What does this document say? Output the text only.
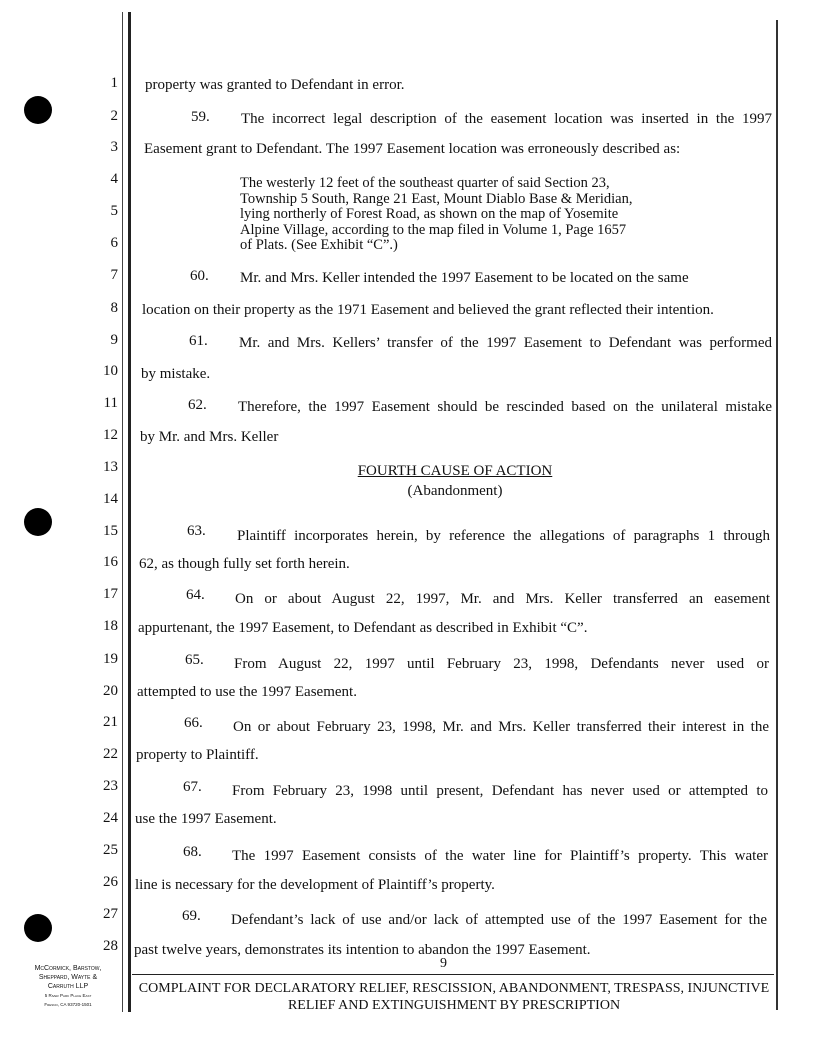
1
2
3
4
5
6
7
8
9
10
11
12
13
14
15
16
17
18
19
20
21
22
23
24
25
26
27
28
property was granted to Defendant in error.
59. The incorrect legal description of the easement location was inserted in the 1997
Easement grant to Defendant. The 1997 Easement location was erroneously described as:
The westerly 12 feet of the southeast quarter of said Section 23,
Township 5 South, Range 21 East, Mount Diablo Base & Meridian,
lying northerly of Forest Road, as shown on the map of Yosemite
Alpine Village, according to the map filed in Volume 1, Page 1657
of Plats. (See Exhibit “C”.)
60. Mr. and Mrs. Keller intended the 1997 Easement to be located on the same
location on their property as the 1971 Easement and believed the grant reflected their intention.
61. Mr. and Mrs. Kellers’ transfer of the 1997 Easement to Defendant was performed
by mistake.
62. Therefore, the 1997 Easement should be rescinded based on the unilateral mistake
by Mr. and Mrs. Keller
FOURTH CAUSE OF ACTION
(Abandonment)
63. Plaintiff incorporates herein, by reference the allegations of paragraphs 1 through
62, as though fully set forth herein.
64. On or about August 22, 1997, Mr. and Mrs. Keller transferred an easement
appurtenant, the 1997 Easement, to Defendant as described in Exhibit “C”.
65. From August 22, 1997 until February 23, 1998, Defendants never used or
attempted to use the 1997 Easement.
66. On or about February 23, 1998, Mr. and Mrs. Keller transferred their interest in the
property to Plaintiff.
67. From February 23, 1998 until present, Defendant has never used or attempted to
use the 1997 Easement.
68. The 1997 Easement consists of the water line for Plaintiff’s property. This water
line is necessary for the development of Plaintiff’s property.
69. Defendant’s lack of use and/or lack of attempted use of the 1997 Easement for the
past twelve years, demonstrates its intention to abandon the 1997 Easement.
9
McCormick, Barstow,
Sheppard, Wayte &
Carruth LLP
5 River Park Place East
Fresno, CA 93720-1501
COMPLAINT FOR DECLARATORY RELIEF, RESCISSION, ABANDONMENT, TRESPASS, INJUNCTIVE
RELIEF AND EXTINGUISHMENT BY PRESCRIPTION
